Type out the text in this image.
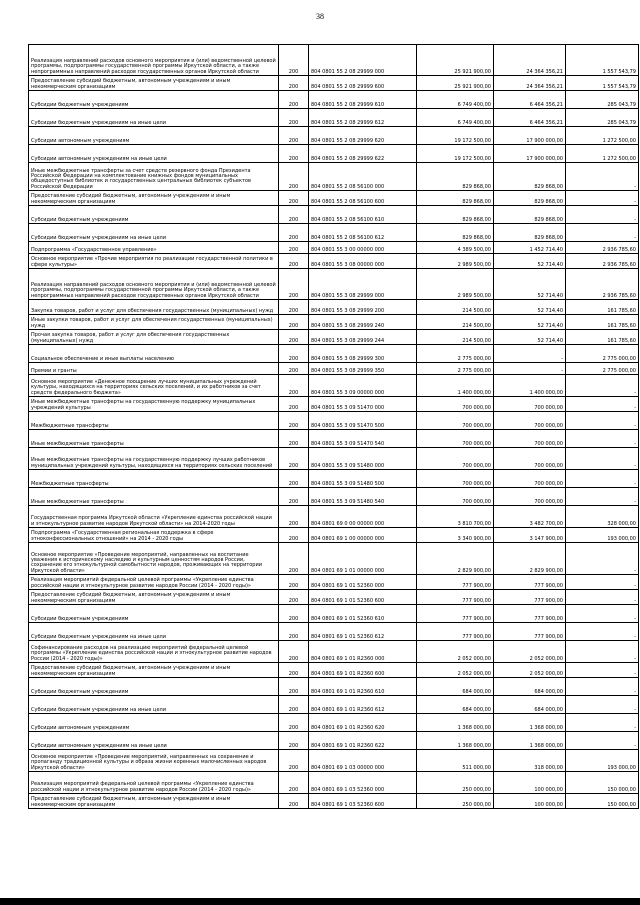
38
Реализация направлений расходов основного мероприятия и (или) ведомственной целевой программы, подпрограммы государственной программы Иркутской области, а также непрограммных направлений расходов государственных органов Иркутской области	200	804 0801 55 2 08 29999 000	25 921 900,00	24 364 356,21	1 557 543,79
Предоставление субсидий бюджетным, автономным учреждениям и иным некоммерческим организациям	200	804 0801 55 2 08 29999 600	25 921 900,00	24 364 356,21	1 557 543,79
Субсидии бюджетным учреждениям	200	804 0801 55 2 08 29999 610	6 749 400,00	6 464 356,21	285 043,79
Субсидии бюджетным учреждениям на иные цели	200	804 0801 55 2 08 29999 612	6 749 400,00	6 464 356,21	285 043,79
Субсидии автономным учреждениям	200	804 0801 55 2 08 29999 620	19 172 500,00	17 900 000,00	1 272 500,00
Субсидии автономным учреждениям на иные цели	200	804 0801 55 2 08 29999 622	19 172 500,00	17 900 000,00	1 272 500,00
Иные межбюджетные трансферты за счет средств резервного фонда Президента Российской Федерации на комплектование книжных фондов муниципальных общедоступных библиотек и государственных центральных библиотек субъектов Российской Федерации	200	804 0801 55 2 08 56100 000	829 868,00	829 868,00	-
Предоставление субсидий бюджетным, автономным учреждениям и иным некоммерческим организациям	200	804 0801 55 2 08 56100 600	829 868,00	829 868,00	-
Субсидии бюджетным учреждениям	200	804 0801 55 2 08 56100 610	829 868,00	829 868,00	-
Субсидии бюджетным учреждениям на иные цели	200	804 0801 55 2 08 56100 612	829 868,00	829 868,00	-
Подпрограмма «Государственное управление»	200	804 0801 55 3 00 00000 000	4 389 500,00	1 452 714,40	2 936 785,60
Основное мероприятие «Прочие мероприятия по реализации государственной политики в сфере культуры»	200	804 0801 55 3 08 00000 000	2 989 500,00	52 714,40	2 936 785,60
Реализация направлений расходов основного мероприятия и (или) ведомственной целевой программы, подпрограммы государственной программы Иркутской области, а также непрограммных направлений расходов государственных органов Иркутской области	200	804 0801 55 3 08 29999 000	2 989 500,00	52 714,40	2 936 785,60
Закупка товаров, работ и услуг для обеспечения государственных (муниципальных) нужд	200	804 0801 55 3 08 29999 200	214 500,00	52 714,40	161 785,60
Иные закупки товаров, работ и услуг для обеспечения государственных (муниципальных) нужд	200	804 0801 55 3 08 29999 240	214 500,00	52 714,40	161 785,60
Прочая закупка товаров, работ и услуг для обеспечения государственных (муниципальных) нужд	200	804 0801 55 3 08 29999 244	214 500,00	52 714,40	161 785,60
Социальное обеспечение и иные выплаты населению	200	804 0801 55 3 08 29999 300	2 775 000,00	-	2 775 000,00
Премии и гранты	200	804 0801 55 3 08 29999 350	2 775 000,00	-	2 775 000,00
Основное мероприятие «Денежное поощрение лучших муниципальных учреждений культуры, находящихся на территориях сельских поселений, и их работников за счет средств федерального бюджета»	200	804 0801 55 3 09 00000 000	1 400 000,00	1 400 000,00	-
Иные межбюджетные трансферты на государственную поддержку муниципальных учреждений культуры	200	804 0801 55 3 09 51470 000	700 000,00	700 000,00	-
Межбюджетные трансферты	200	804 0801 55 3 09 51470 500	700 000,00	700 000,00	-
Иные межбюджетные трансферты	200	804 0801 55 3 09 51470 540	700 000,00	700 000,00	-
Иные межбюджетные трансферты на государственную поддержку лучших работников муниципальных учреждений культуры, находящихся на территориях сельских поселений	200	804 0801 55 3 09 51480 000	700 000,00	700 000,00	-
Межбюджетные трансферты	200	804 0801 55 3 09 51480 500	700 000,00	700 000,00	-
Иные межбюджетные трансферты	200	804 0801 55 3 09 51480 540	700 000,00	700 000,00	-
Государственная программа Иркутской области «Укрепление единства российской нации и этнокультурное развитие народов Иркутской области» на 2014-2020 годы	200	804 0801 69 0 00 00000 000	3 810 700,00	3 482 700,00	328 000,00
Подпрограмма «Государственная региональная поддержка в сфере этноконфессиональных отношений» на 2014 - 2020 годы	200	804 0801 69 1 00 00000 000	3 340 900,00	3 147 900,00	193 000,00
Основное мероприятие «Проведение мероприятий, направленных на воспитание уважения к историческому наследию и культурным ценностям народов России, сохранение его этнокультурной самобытности народов, проживающих на территории Иркутской области»	200	804 0801 69 1 01 00000 000	2 829 900,00	2 829 900,00	-
Реализация мероприятий федеральной целевой программы «Укрепление единства российской нации и этнокультурное развитие народов России (2014 - 2020 годы)»	200	804 0801 69 1 01 52360 000	777 900,00	777 900,00	-
Предоставление субсидий бюджетным, автономным учреждениям и иным некоммерческим организациям	200	804 0801 69 1 01 52360 600	777 900,00	777 900,00	-
Субсидии бюджетным учреждениям	200	804 0801 69 1 01 52360 610	777 900,00	777 900,00	-
Субсидии бюджетным учреждениям на иные цели	200	804 0801 69 1 01 52360 612	777 900,00	777 900,00	-
Софинансирование расходов на реализацию мероприятий федеральной целевой программы «Укрепление единства российской нации и этнокультурное развитие народов России (2014 - 2020 годы)»	200	804 0801 69 1 01 R2360 000	2 052 000,00	2 052 000,00	-
Предоставление субсидий бюджетным, автономным учреждениям и иным некоммерческим организациям	200	804 0801 69 1 01 R2360 600	2 052 000,00	2 052 000,00	-
Субсидии бюджетным учреждениям	200	804 0801 69 1 01 R2360 610	684 000,00	684 000,00	-
Субсидии бюджетным учреждениям на иные цели	200	804 0801 69 1 01 R2360 612	684 000,00	684 000,00	-
Субсидии автономным учреждениям	200	804 0801 69 1 01 R2360 620	1 368 000,00	1 368 000,00	-
Субсидии автономным учреждениям на иные цели	200	804 0801 69 1 01 R2360 622	1 368 000,00	1 368 000,00	-
Основное мероприятие «Проведение мероприятий, направленных на сохранение и пропаганду традиционной культуры и образа жизни коренных малочисленных народов Иркутской области»	200	804 0801 69 1 03 00000 000	511 000,00	318 000,00	193 000,00
Реализация мероприятий федеральной целевой программы «Укрепление единства российской нации и этнокультурное развитие народов России (2014 - 2020 годы)»	200	804 0801 69 1 03 52360 000	250 000,00	100 000,00	150 000,00
Предоставление субсидий бюджетным, автономным учреждениям и иным некоммерческим организациям	200	804 0801 69 1 03 52360 600	250 000,00	100 000,00	150 000,00
